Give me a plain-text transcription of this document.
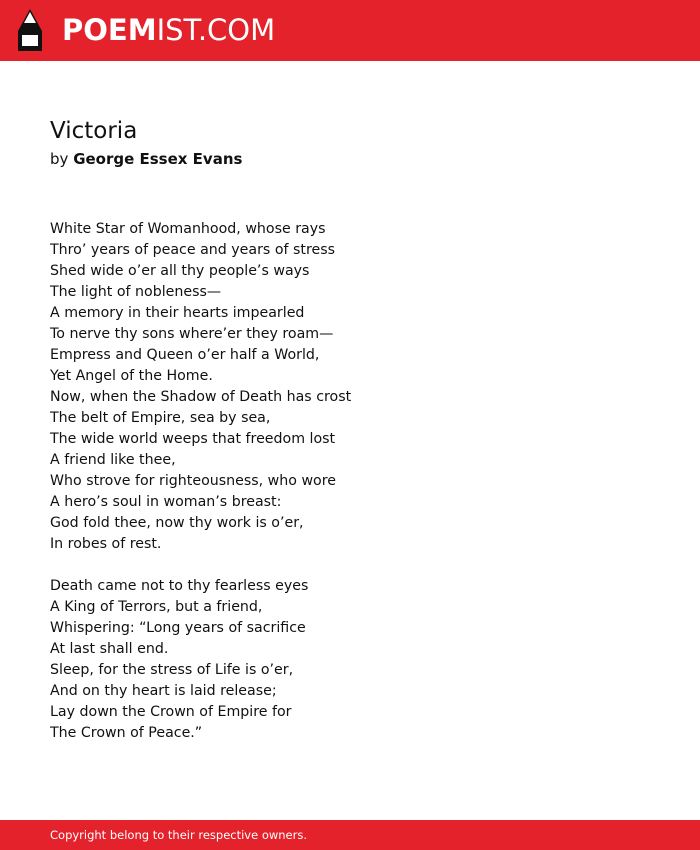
POEMIST.COM
Victoria
by George Essex Evans
White Star of Womanhood, whose rays
Thro’ years of peace and years of stress
Shed wide o’er all thy people’s ways
The light of nobleness—
A memory in their hearts impearled
To nerve thy sons where’er they roam—
Empress and Queen o’er half a World,
Yet Angel of the Home.
Now, when the Shadow of Death has crost
The belt of Empire, sea by sea,
The wide world weeps that freedom lost
A friend like thee,
Who strove for righteousness, who wore
A hero’s soul in woman’s breast:
God fold thee, now thy work is o’er,
In robes of rest.
Death came not to thy fearless eyes
A King of Terrors, but a friend,
Whispering: “Long years of sacrifice
At last shall end.
Sleep, for the stress of Life is o’er,
And on thy heart is laid release;
Lay down the Crown of Empire for
The Crown of Peace.”
Copyright belong to their respective owners.
